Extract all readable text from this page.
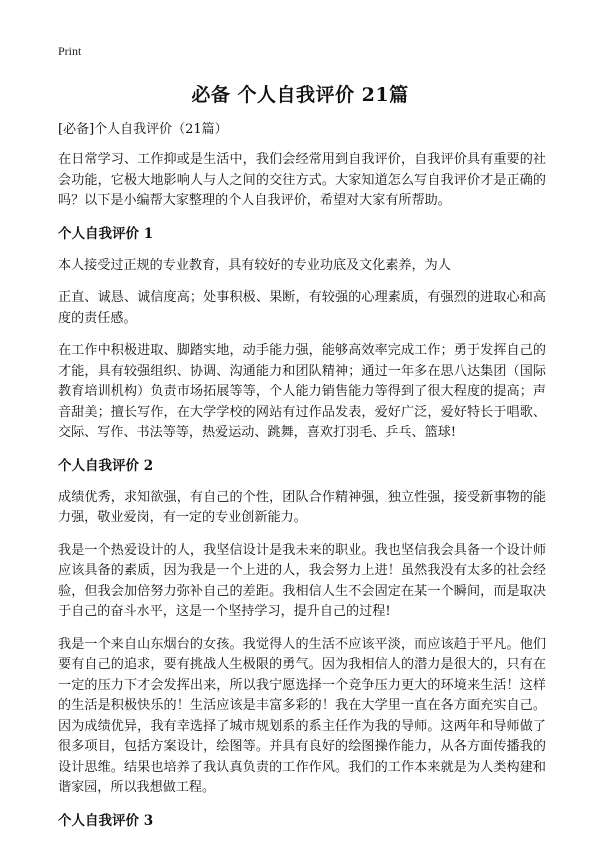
Print
必备 个人自我评价 21篇
[必备]个人自我评价（21篇）

在日常学习、工作抑或是生活中，我们会经常用到自我评价，自我评价具有重要的社会功能，它极大地影响人与人之间的交往方式。大家知道怎么写自我评价才是正确的吗？以下是小编帮大家整理的个人自我评价，希望对大家有所帮助。

个人自我评价 1

本人接受过正规的专业教育，具有较好的专业功底及文化素养，为人

正直、诚恳、诚信度高；处事积极、果断，有较强的心理素质，有强烈的进取心和高度的责任感。

在工作中积极进取、脚踏实地，动手能力强，能够高效率完成工作；勇于发挥自己的才能，具有较强组织、协调、沟通能力和团队精神；通过一年多在思八达集团（国际教育培训机构）负责市场拓展等等，个人能力销售能力等得到了很大程度的提高；声音甜美；擅长写作，在大学学校的网站有过作品发表，爱好广泛，爱好特长于唱歌、交际、写作、书法等等，热爱运动、跳舞，喜欢打羽毛、乒乓、篮球!

个人自我评价 2

成绩优秀，求知欲强，有自己的个性，团队合作精神强，独立性强，接受新事物的能力强，敬业爱岗，有一定的专业创新能力。

我是一个热爱设计的人，我坚信设计是我未来的职业。我也坚信我会具备一个设计师应该具备的素质，因为我是一个上进的人，我会努力上进！虽然我没有太多的社会经验，但我会加倍努力弥补自己的差距。我相信人生不会固定在某一个瞬间，而是取决于自己的奋斗水平，这是一个坚持学习，提升自己的过程!

我是一个来自山东烟台的女孩。我觉得人的生活不应该平淡，而应该趋于平凡。他们要有自己的追求，要有挑战人生极限的勇气。因为我相信人的潜力是很大的，只有在一定的压力下才会发挥出来，所以我宁愿选择一个竞争压力更大的环境来生活！这样的生活是积极快乐的！生活应该是丰富多彩的！我在大学里一直在各方面充实自己。因为成绩优异，我有幸选择了城市规划系的系主任作为我的导师。这两年和导师做了很多项目，包括方案设计，绘图等。并具有良好的绘图操作能力，从各方面传播我的设计思维。结果也培养了我认真负责的工作作风。我们的工作本来就是为人类构建和谐家园，所以我想做工程。

个人自我评价 3
